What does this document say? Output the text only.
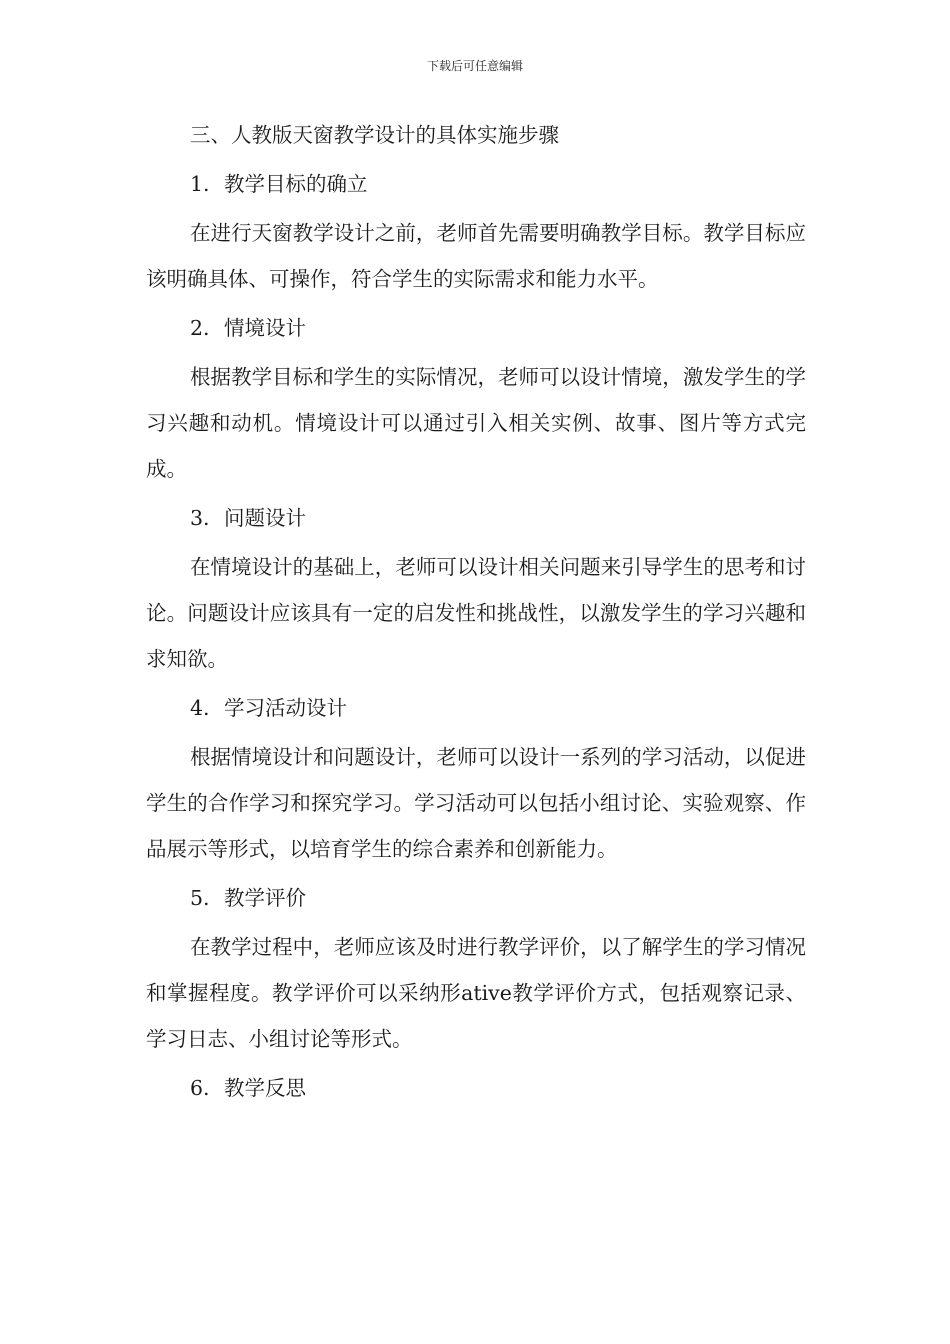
下载后可任意编辑

三、人教版天窗教学设计的具体实施步骤

1. 教学目标的确立

在进行天窗教学设计之前，老师首先需要明确教学目标。教学目标应该明确具体、可操作，符合学生的实际需求和能力水平。

2. 情境设计

根据教学目标和学生的实际情况，老师可以设计情境，激发学生的学习兴趣和动机。情境设计可以通过引入相关实例、故事、图片等方式完成。

3. 问题设计

在情境设计的基础上，老师可以设计相关问题来引导学生的思考和讨论。问题设计应该具有一定的启发性和挑战性，以激发学生的学习兴趣和求知欲。

4. 学习活动设计

根据情境设计和问题设计，老师可以设计一系列的学习活动，以促进学生的合作学习和探究学习。学习活动可以包括小组讨论、实验观察、作品展示等形式，以培育学生的综合素养和创新能力。

5. 教学评价

在教学过程中，老师应该及时进行教学评价，以了解学生的学习情况和掌握程度。教学评价可以采纳形ative教学评价方式，包括观察记录、学习日志、小组讨论等形式。

6. 教学反思
